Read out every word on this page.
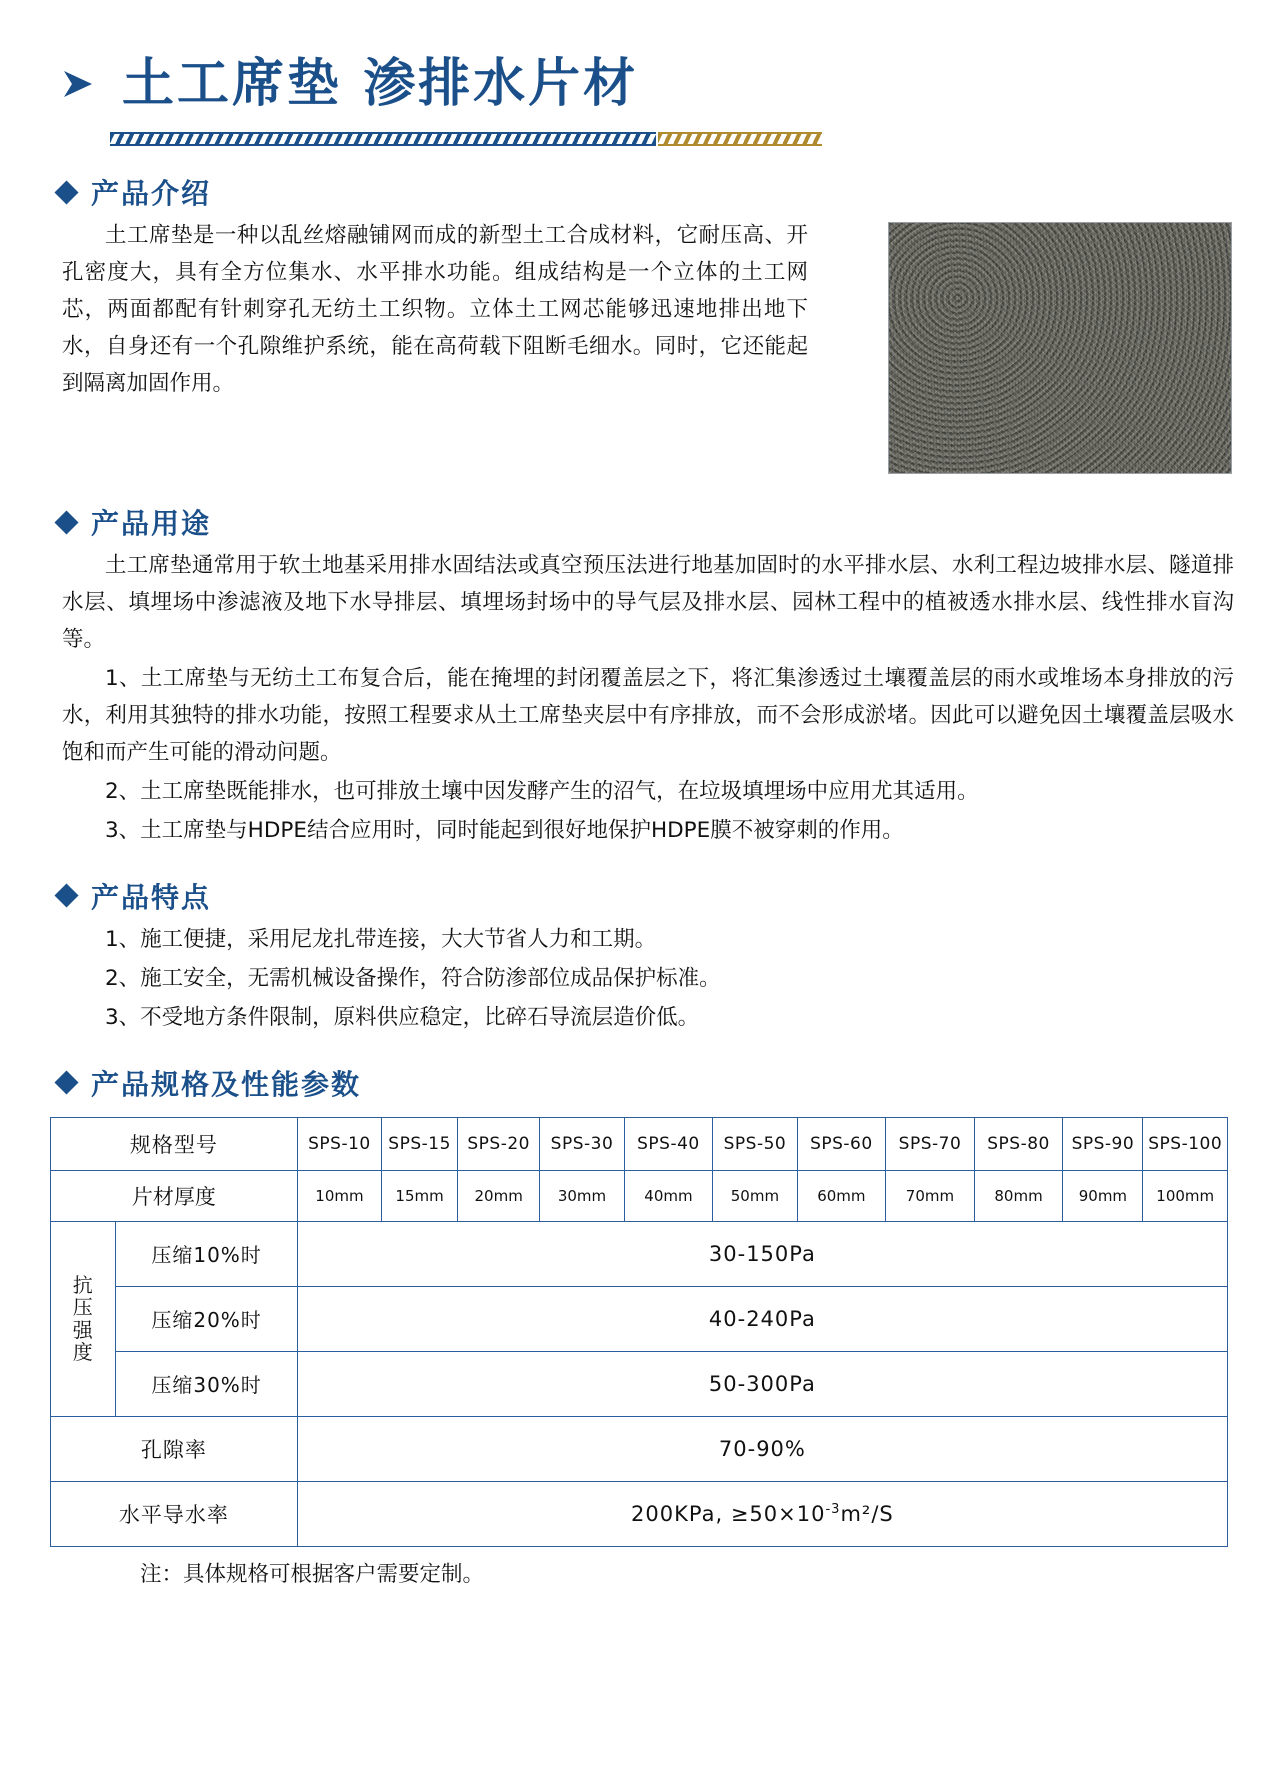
土工席垫 渗排水片材
产品介绍

土工席垫是一种以乱丝熔融铺网而成的新型土工合成材料，它耐压高、开孔密度大，具有全方位集水、水平排水功能。组成结构是一个立体的土工网芯，两面都配有针刺穿孔无纺土工织物。立体土工网芯能够迅速地排出地下水，自身还有一个孔隙维护系统，能在高荷载下阻断毛细水。同时，它还能起到隔离加固作用。

产品用途

土工席垫通常用于软土地基采用排水固结法或真空预压法进行地基加固时的水平排水层、水利工程边坡排水层、隧道排水层、填埋场中渗滤液及地下水导排层、填埋场封场中的导气层及排水层、园林工程中的植被透水排水层、线性排水盲沟等。

1、土工席垫与无纺土工布复合后，能在掩埋的封闭覆盖层之下，将汇集渗透过土壤覆盖层的雨水或堆场本身排放的污水，利用其独特的排水功能，按照工程要求从土工席垫夹层中有序排放，而不会形成淤堵。因此可以避免因土壤覆盖层吸水饱和而产生可能的滑动问题。

2、土工席垫既能排水，也可排放土壤中因发酵产生的沼气，在垃圾填埋场中应用尤其适用。

3、土工席垫与HDPE结合应用时，同时能起到很好地保护HDPE膜不被穿刺的作用。

产品特点

1、施工便捷，采用尼龙扎带连接，大大节省人力和工期。

2、施工安全，无需机械设备操作，符合防渗部位成品保护标准。

3、不受地方条件限制，原料供应稳定，比碎石导流层造价低。

产品规格及性能参数
规格型号		SPS-10	SPS-15	SPS-20	SPS-30	SPS-40	SPS-50	SPS-60	SPS-70	SPS-80	SPS-90	SPS-100
片材厚度		10mm	15mm	20mm	30mm	40mm	50mm	60mm	70mm	80mm	90mm	100mm

抗
压
强
度	压缩10%时	30-150Pa										
	压缩20%时	40-240Pa										
	压缩30%时	50-300Pa										
孔隙率		70-90%										
水平导水率		200KPa, $\ge 50\times 10^{-3}m^2/S$										
注：具体规格可根据客户需要定制。
